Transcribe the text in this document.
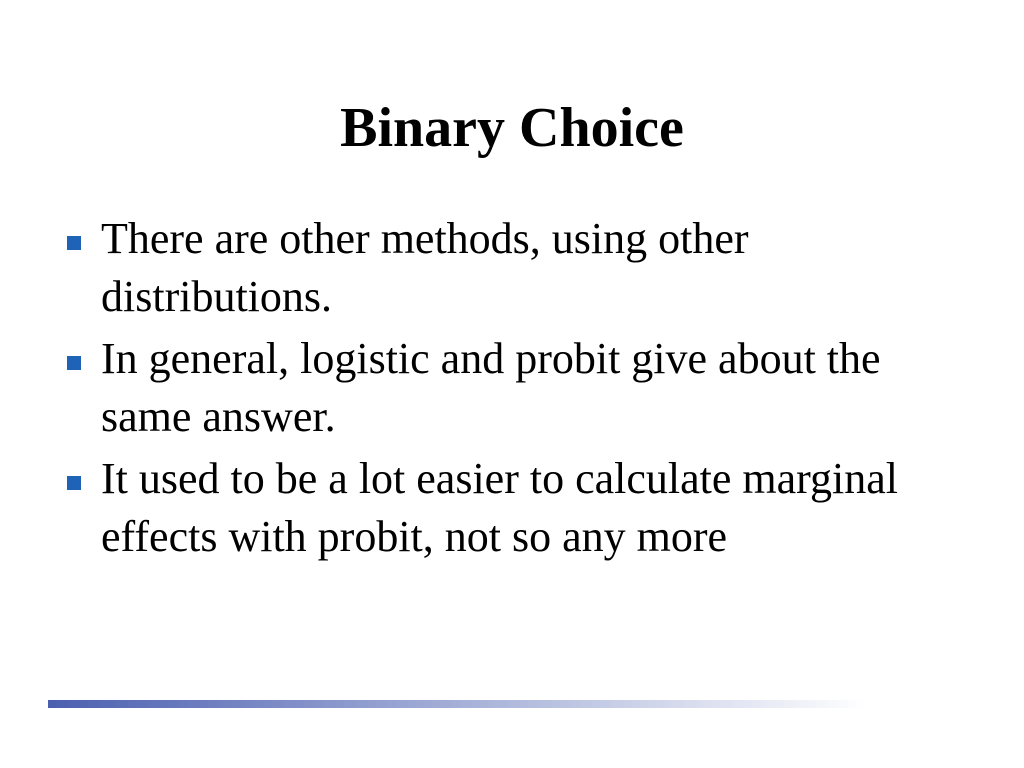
Binary Choice
There are other methods, using other distributions.
In general, logistic and probit give about the same answer.
It used to be a lot easier to calculate marginal effects with probit, not so any more
